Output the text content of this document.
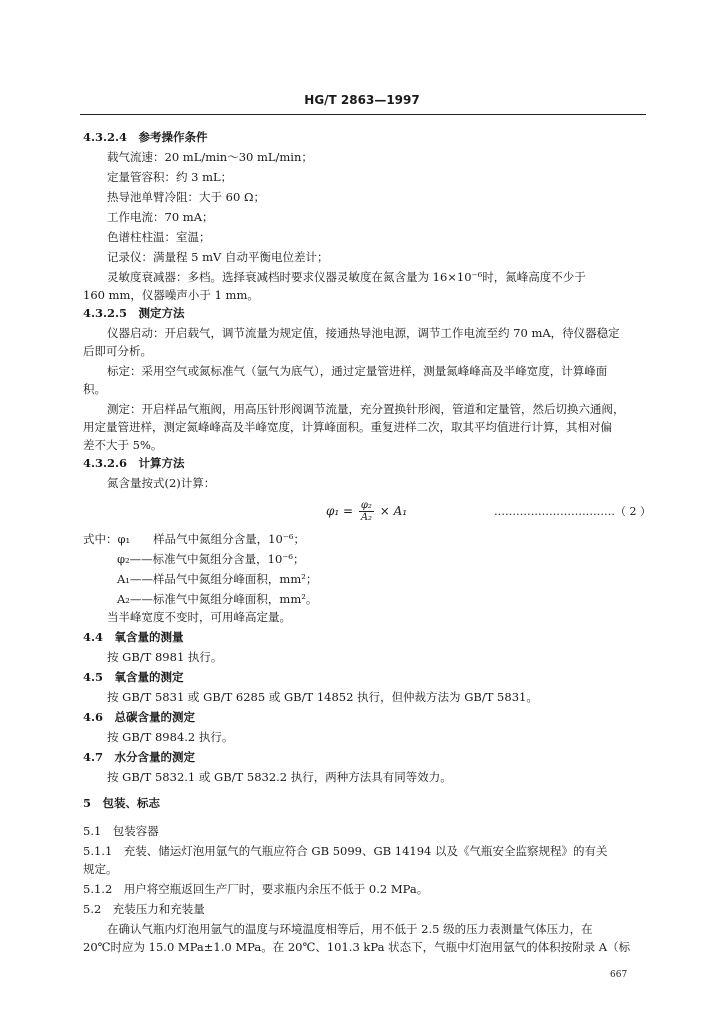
HG/T 2863—1997
4.3.2.4　参考操作条件
载气流速：20 mL/min～30 mL/min；
定量管容积：约 3 mL；
热导池单臂冷阻：大于 60 Ω；
工作电流：70 mA；
色谱柱柱温：室温；
记录仪：满量程 5 mV 自动平衡电位差计；
灵敏度衰减器：多档。选择衰减档时要求仪器灵敏度在氮含量为 16×10⁻⁶时，氮峰高度不少于
160 mm，仪器噪声小于 1 mm。
4.3.2.5　测定方法
仪器启动：开启载气，调节流量为规定值，接通热导池电源，调节工作电流至约 70 mA，待仪器稳定
后即可分析。
标定：采用空气或氮标准气（氩气为底气），通过定量管进样，测量氮峰峰高及半峰宽度，计算峰面
积。
测定：开启样品气瓶阀，用高压针形阀调节流量，充分置换针形阀，管道和定量管，然后切换六通阀，
用定量管进样，测定氮峰峰高及半峰宽度，计算峰面积。重复进样二次，取其平均值进行计算，其相对偏
差不大于 5%。
4.3.2.6　计算方法
氮含量按式(2)计算：
式中：φ₁　　样品气中氮组分含量，10⁻⁶；
φ₂——标准气中氮组分含量，10⁻⁶；
A₁——样品气中氮组分峰面积，mm²；
A₂——标准气中氮组分峰面积，mm²。
当半峰宽度不变时，可用峰高定量。
4.4　氧含量的测量
按 GB/T 8981 执行。
4.5　氧含量的测定
按 GB/T 5831 或 GB/T 6285 或 GB/T 14852 执行，但仲裁方法为 GB/T 5831。
4.6　总碳含量的测定
按 GB/T 8984.2 执行。
4.7　水分含量的测定
按 GB/T 5832.1 或 GB/T 5832.2 执行，两种方法具有同等效力。
5　包装、标志
5.1　包装容器
5.1.1　充装、储运灯泡用氩气的气瓶应符合 GB 5099、GB 14194 以及《气瓶安全监察规程》的有关
规定。
5.1.2　用户将空瓶返回生产厂时，要求瓶内余压不低于 0.2 MPa。
5.2　充装压力和充装量
在确认气瓶内灯泡用氩气的温度与环境温度相等后，用不低于 2.5 级的压力表测量气体压力，在
20℃时应为 15.0 MPa±1.0 MPa。在 20℃、101.3 kPa 状态下，气瓶中灯泡用氩气的体积按附录 A（标
$\varphi_1 = \frac{\text{φ₂}}{\text{A₂}} \times A_1$	……………………………（ 2 ）
667
